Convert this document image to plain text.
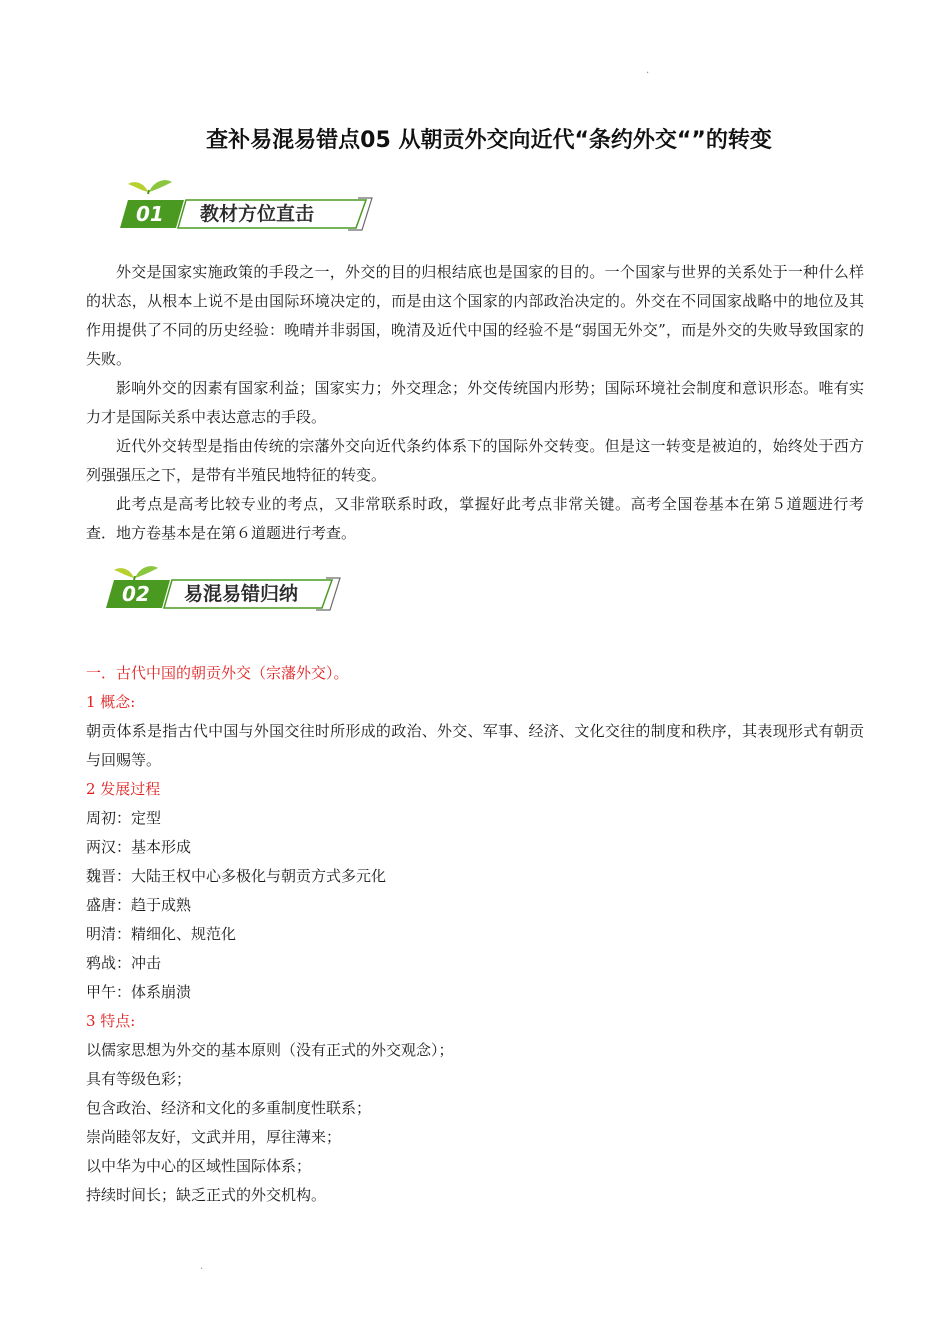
.
.
查补易混易错点05 从朝贡外交向近代“条约外交“”的转变
01 教材方位直击

外交是国家实施政策的手段之一，外交的目的归根结底也是国家的目的。一个国家与世界的关系处于一种什么样的状态，从根本上说不是由国际环境决定的，而是由这个国家的内部政治决定的。外交在不同国家战略中的地位及其作用提供了不同的历史经验：晚晴并非弱国，晚清及近代中国的经验不是“弱国无外交”，而是外交的失败导致国家的失败。

影响外交的因素有国家利益；国家实力；外交理念；外交传统国内形势；国际环境社会制度和意识形态。唯有实力才是国际关系中表达意志的手段。

近代外交转型是指由传统的宗藩外交向近代条约体系下的国际外交转变。但是这一转变是被迫的，始终处于西方列强强压之下，是带有半殖民地特征的转变。

此考点是高考比较专业的考点，又非常联系时政，掌握好此考点非常关键。高考全国卷基本在第５道题进行考查．地方卷基本是在第６道题进行考查。

02 易混易错归纳

一．古代中国的朝贡外交（宗藩外交）。

1 概念:

朝贡体系是指古代中国与外国交往时所形成的政治、外交、军事、经济、文化交往的制度和秩序，其表现形式有朝贡与回赐等。

2 发展过程

周初：定型

两汉：基本形成

魏晋：大陆王权中心多极化与朝贡方式多元化

盛唐：趋于成熟

明清：精细化、规范化

鸦战：冲击

甲午：体系崩溃

3 特点:

以儒家思想为外交的基本原则（没有正式的外交观念）；

具有等级色彩；

包含政治、经济和文化的多重制度性联系；

崇尚睦邻友好，文武并用，厚往薄来；

以中华为中心的区域性国际体系；

持续时间长；缺乏正式的外交机构。
